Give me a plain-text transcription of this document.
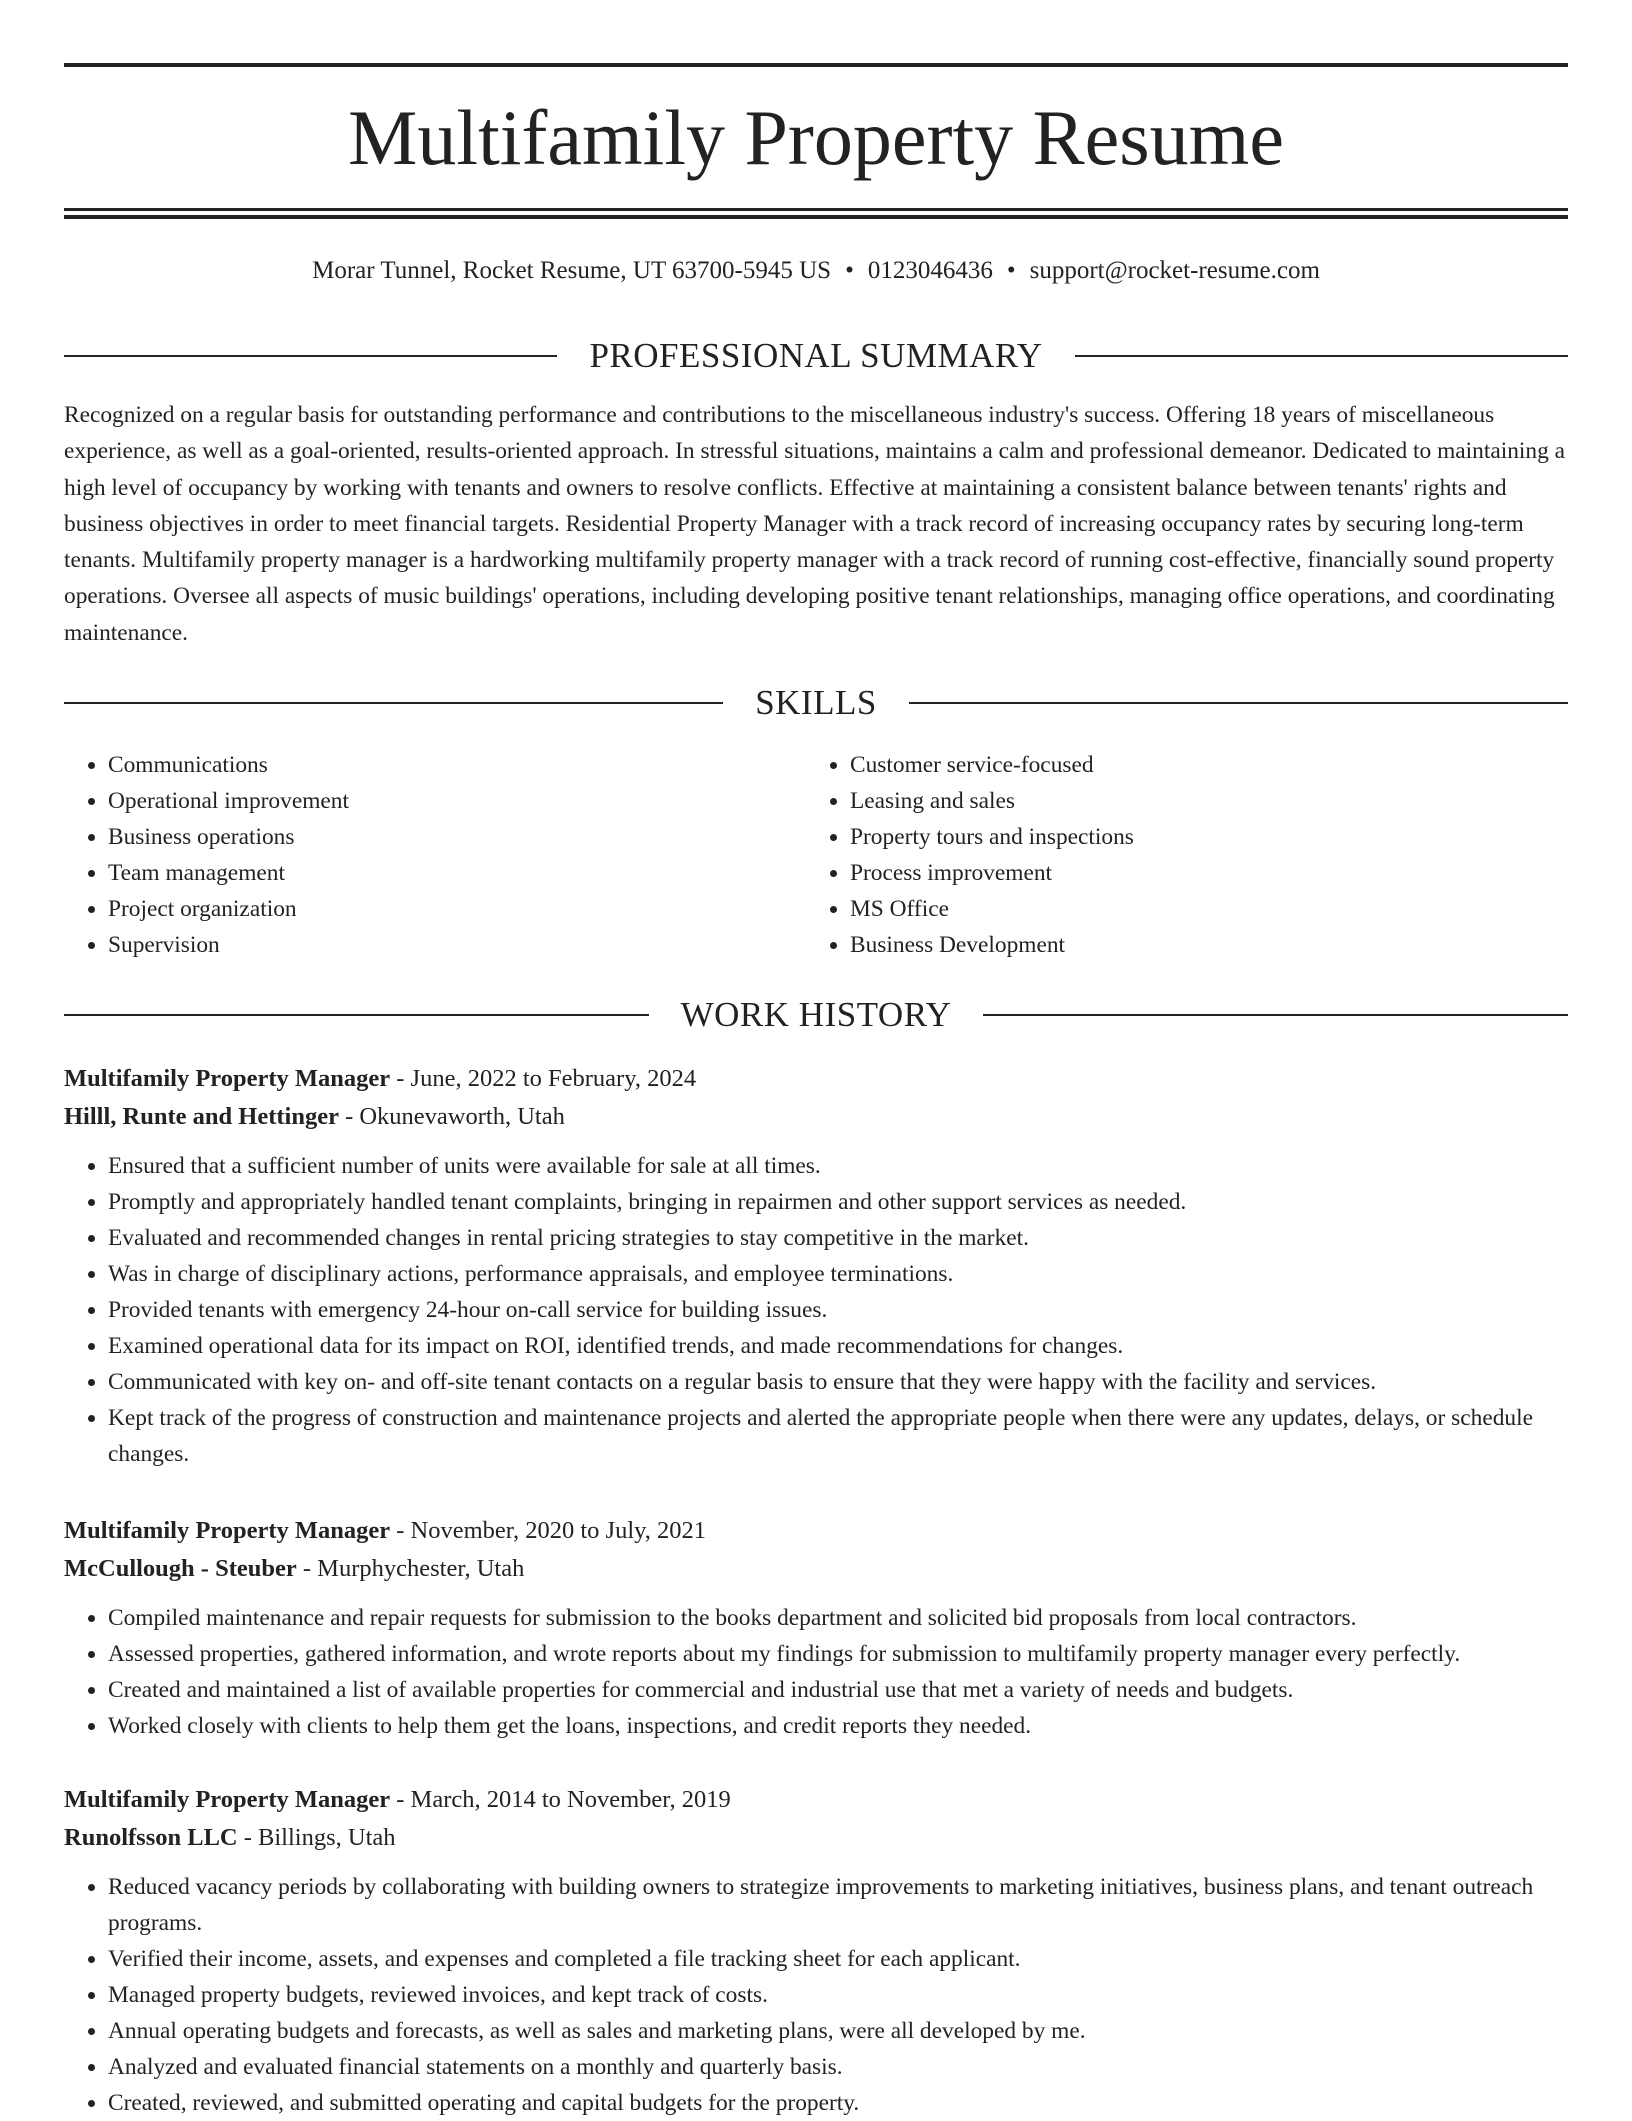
Multifamily Property Resume
Morar Tunnel, Rocket Resume, UT 63700-5945 US • 0123046436 • support@rocket-resume.com
PROFESSIONAL SUMMARY

Recognized on a regular basis for outstanding performance and contributions to the miscellaneous industry's success. Offering 18 years of miscellaneous experience, as well as a goal-oriented, results-oriented approach. In stressful situations, maintains a calm and professional demeanor. Dedicated to maintaining a high level of occupancy by working with tenants and owners to resolve conflicts. Effective at maintaining a consistent balance between tenants' rights and business objectives in order to meet financial targets. Residential Property Manager with a track record of increasing occupancy rates by securing long-term tenants. Multifamily property manager is a hardworking multifamily property manager with a track record of running cost-effective, financially sound property operations. Oversee all aspects of music buildings' operations, including developing positive tenant relationships, managing office operations, and coordinating maintenance.

SKILLS
• Communications
• Operational improvement
• Business operations
• Team management
• Project organization
• Supervision
• Customer service-focused
• Leasing and sales
• Property tours and inspections
• Process improvement
• MS Office
• Business Development
WORK HISTORY
Multifamily Property Manager - June, 2022 to February, 2024
Hilll, Runte and Hettinger - Okunevaworth, Utah
• Ensured that a sufficient number of units were available for sale at all times.
• Promptly and appropriately handled tenant complaints, bringing in repairmen and other support services as needed.
• Evaluated and recommended changes in rental pricing strategies to stay competitive in the market.
• Was in charge of disciplinary actions, performance appraisals, and employee terminations.
• Provided tenants with emergency 24-hour on-call service for building issues.
• Examined operational data for its impact on ROI, identified trends, and made recommendations for changes.
• Communicated with key on- and off-site tenant contacts on a regular basis to ensure that they were happy with the facility and services.
• Kept track of the progress of construction and maintenance projects and alerted the appropriate people when there were any updates, delays, or schedule changes.
Multifamily Property Manager - November, 2020 to July, 2021
McCullough - Steuber - Murphychester, Utah
• Compiled maintenance and repair requests for submission to the books department and solicited bid proposals from local contractors.
• Assessed properties, gathered information, and wrote reports about my findings for submission to multifamily property manager every perfectly.
• Created and maintained a list of available properties for commercial and industrial use that met a variety of needs and budgets.
• Worked closely with clients to help them get the loans, inspections, and credit reports they needed.
Multifamily Property Manager - March, 2014 to November, 2019
Runolfsson LLC - Billings, Utah
• Reduced vacancy periods by collaborating with building owners to strategize improvements to marketing initiatives, business plans, and tenant outreach programs.
• Verified their income, assets, and expenses and completed a file tracking sheet for each applicant.
• Managed property budgets, reviewed invoices, and kept track of costs.
• Annual operating budgets and forecasts, as well as sales and marketing plans, were all developed by me.
• Analyzed and evaluated financial statements on a monthly and quarterly basis.
• Created, reviewed, and submitted operating and capital budgets for the property.
